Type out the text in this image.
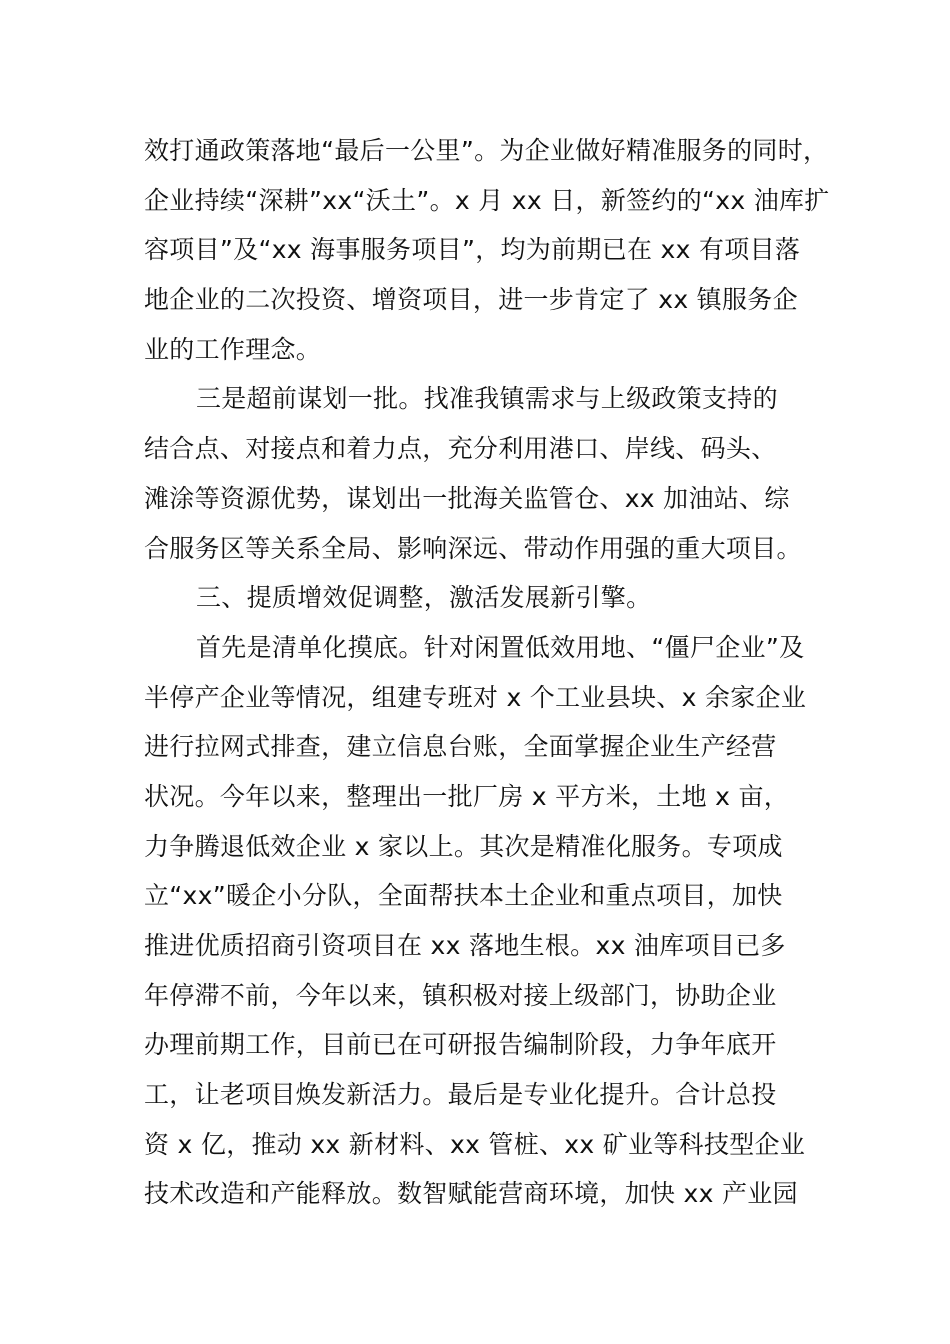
效打通政策落地“最后一公里”。为企业做好精准服务的同时，
企业持续“深耕”xx“沃土”。x 月 xx 日，新签约的“xx 油库扩
容项目”及“xx 海事服务项目”，均为前期已在 xx 有项目落
地企业的二次投资、增资项目，进一步肯定了 xx 镇服务企
业的工作理念。
三是超前谋划一批。找准我镇需求与上级政策支持的
结合点、对接点和着力点，充分利用港口、岸线、码头、
滩涂等资源优势，谋划出一批海关监管仓、xx 加油站、综
合服务区等关系全局、影响深远、带动作用强的重大项目。
三、提质增效促调整，激活发展新引擎。
首先是清单化摸底。针对闲置低效用地、“僵尸企业”及
半停产企业等情况，组建专班对 x 个工业县块、x 余家企业
进行拉网式排查，建立信息台账，全面掌握企业生产经营
状况。今年以来，整理出一批厂房 x 平方米，土地 x 亩，
力争腾退低效企业 x 家以上。其次是精准化服务。专项成
立“xx”暖企小分队，全面帮扶本土企业和重点项目，加快
推进优质招商引资项目在 xx 落地生根。xx 油库项目已多
年停滞不前，今年以来，镇积极对接上级部门，协助企业
办理前期工作，目前已在可研报告编制阶段，力争年底开
工，让老项目焕发新活力。最后是专业化提升。合计总投
资 x 亿，推动 xx 新材料、xx 管桩、xx 矿业等科技型企业
技术改造和产能释放。数智赋能营商环境，加快 xx 产业园
